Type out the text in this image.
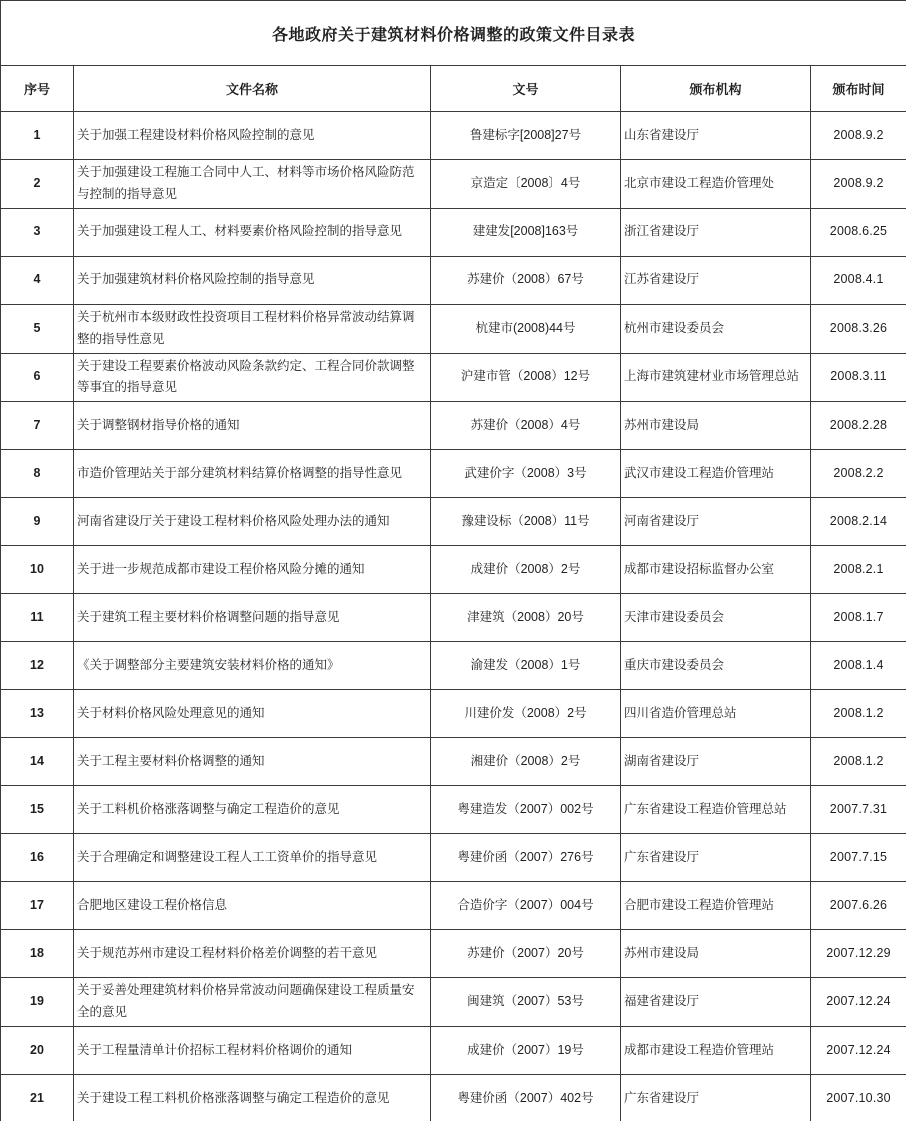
各地政府关于建筑材料价格调整的政策文件目录表				
序号	文件名称	文号	颁布机构	颁布时间
1	关于加强工程建设材料价格风险控制的意见	鲁建标字[2008]27号	山东省建设厅	2008.9.2
2	关于加强建设工程施工合同中人工、材料等市场价格风险防范与控制的指导意见	京造定〔2008〕4号	北京市建设工程造价管理处	2008.9.2
3	关于加强建设工程人工、材料要素价格风险控制的指导意见	建建发[2008]163号	浙江省建设厅	2008.6.25
4	关于加强建筑材料价格风险控制的指导意见	苏建价（2008）67号	江苏省建设厅	2008.4.1
5	关于杭州市本级财政性投资项目工程材料价格异常波动结算调整的指导性意见	杭建市(2008)44号	杭州市建设委员会	2008.3.26
6	关于建设工程要素价格波动风险条款约定、工程合同价款调整等事宜的指导意见	沪建市管（2008）12号	上海市建筑建材业市场管理总站	2008.3.11
7	关于调整钢材指导价格的通知	苏建价（2008）4号	苏州市建设局	2008.2.28
8	市造价管理站关于部分建筑材料结算价格调整的指导性意见	武建价字（2008）3号	武汉市建设工程造价管理站	2008.2.2
9	河南省建设厅关于建设工程材料价格风险处理办法的通知	豫建设标（2008）11号	河南省建设厅	2008.2.14
10	关于进一步规范成都市建设工程价格风险分摊的通知	成建价（2008）2号	成都市建设招标监督办公室	2008.2.1
11	关于建筑工程主要材料价格调整问题的指导意见	津建筑（2008）20号	天津市建设委员会	2008.1.7
12	《关于调整部分主要建筑安装材料价格的通知》	渝建发（2008）1号	重庆市建设委员会	2008.1.4
13	关于材料价格风险处理意见的通知	川建价发（2008）2号	四川省造价管理总站	2008.1.2
14	关于工程主要材料价格调整的通知	湘建价（2008）2号	湖南省建设厅	2008.1.2
15	关于工料机价格涨落调整与确定工程造价的意见	粤建造发（2007）002号	广东省建设工程造价管理总站	2007.7.31
16	关于合理确定和调整建设工程人工工资单价的指导意见	粤建价函（2007）276号	广东省建设厅	2007.7.15
17	合肥地区建设工程价格信息	合造价字（2007）004号	合肥市建设工程造价管理站	2007.6.26
18	关于规范苏州市建设工程材料价格差价调整的若干意见	苏建价（2007）20号	苏州市建设局	2007.12.29
19	关于妥善处理建筑材料价格异常波动问题确保建设工程质量安全的意见	闽建筑（2007）53号	福建省建设厅	2007.12.24
20	关于工程量清单计价招标工程材料价格调价的通知	成建价（2007）19号	成都市建设工程造价管理站	2007.12.24
21	关于建设工程工料机价格涨落调整与确定工程造价的意见	粤建价函（2007）402号	广东省建设厅	2007.10.30
